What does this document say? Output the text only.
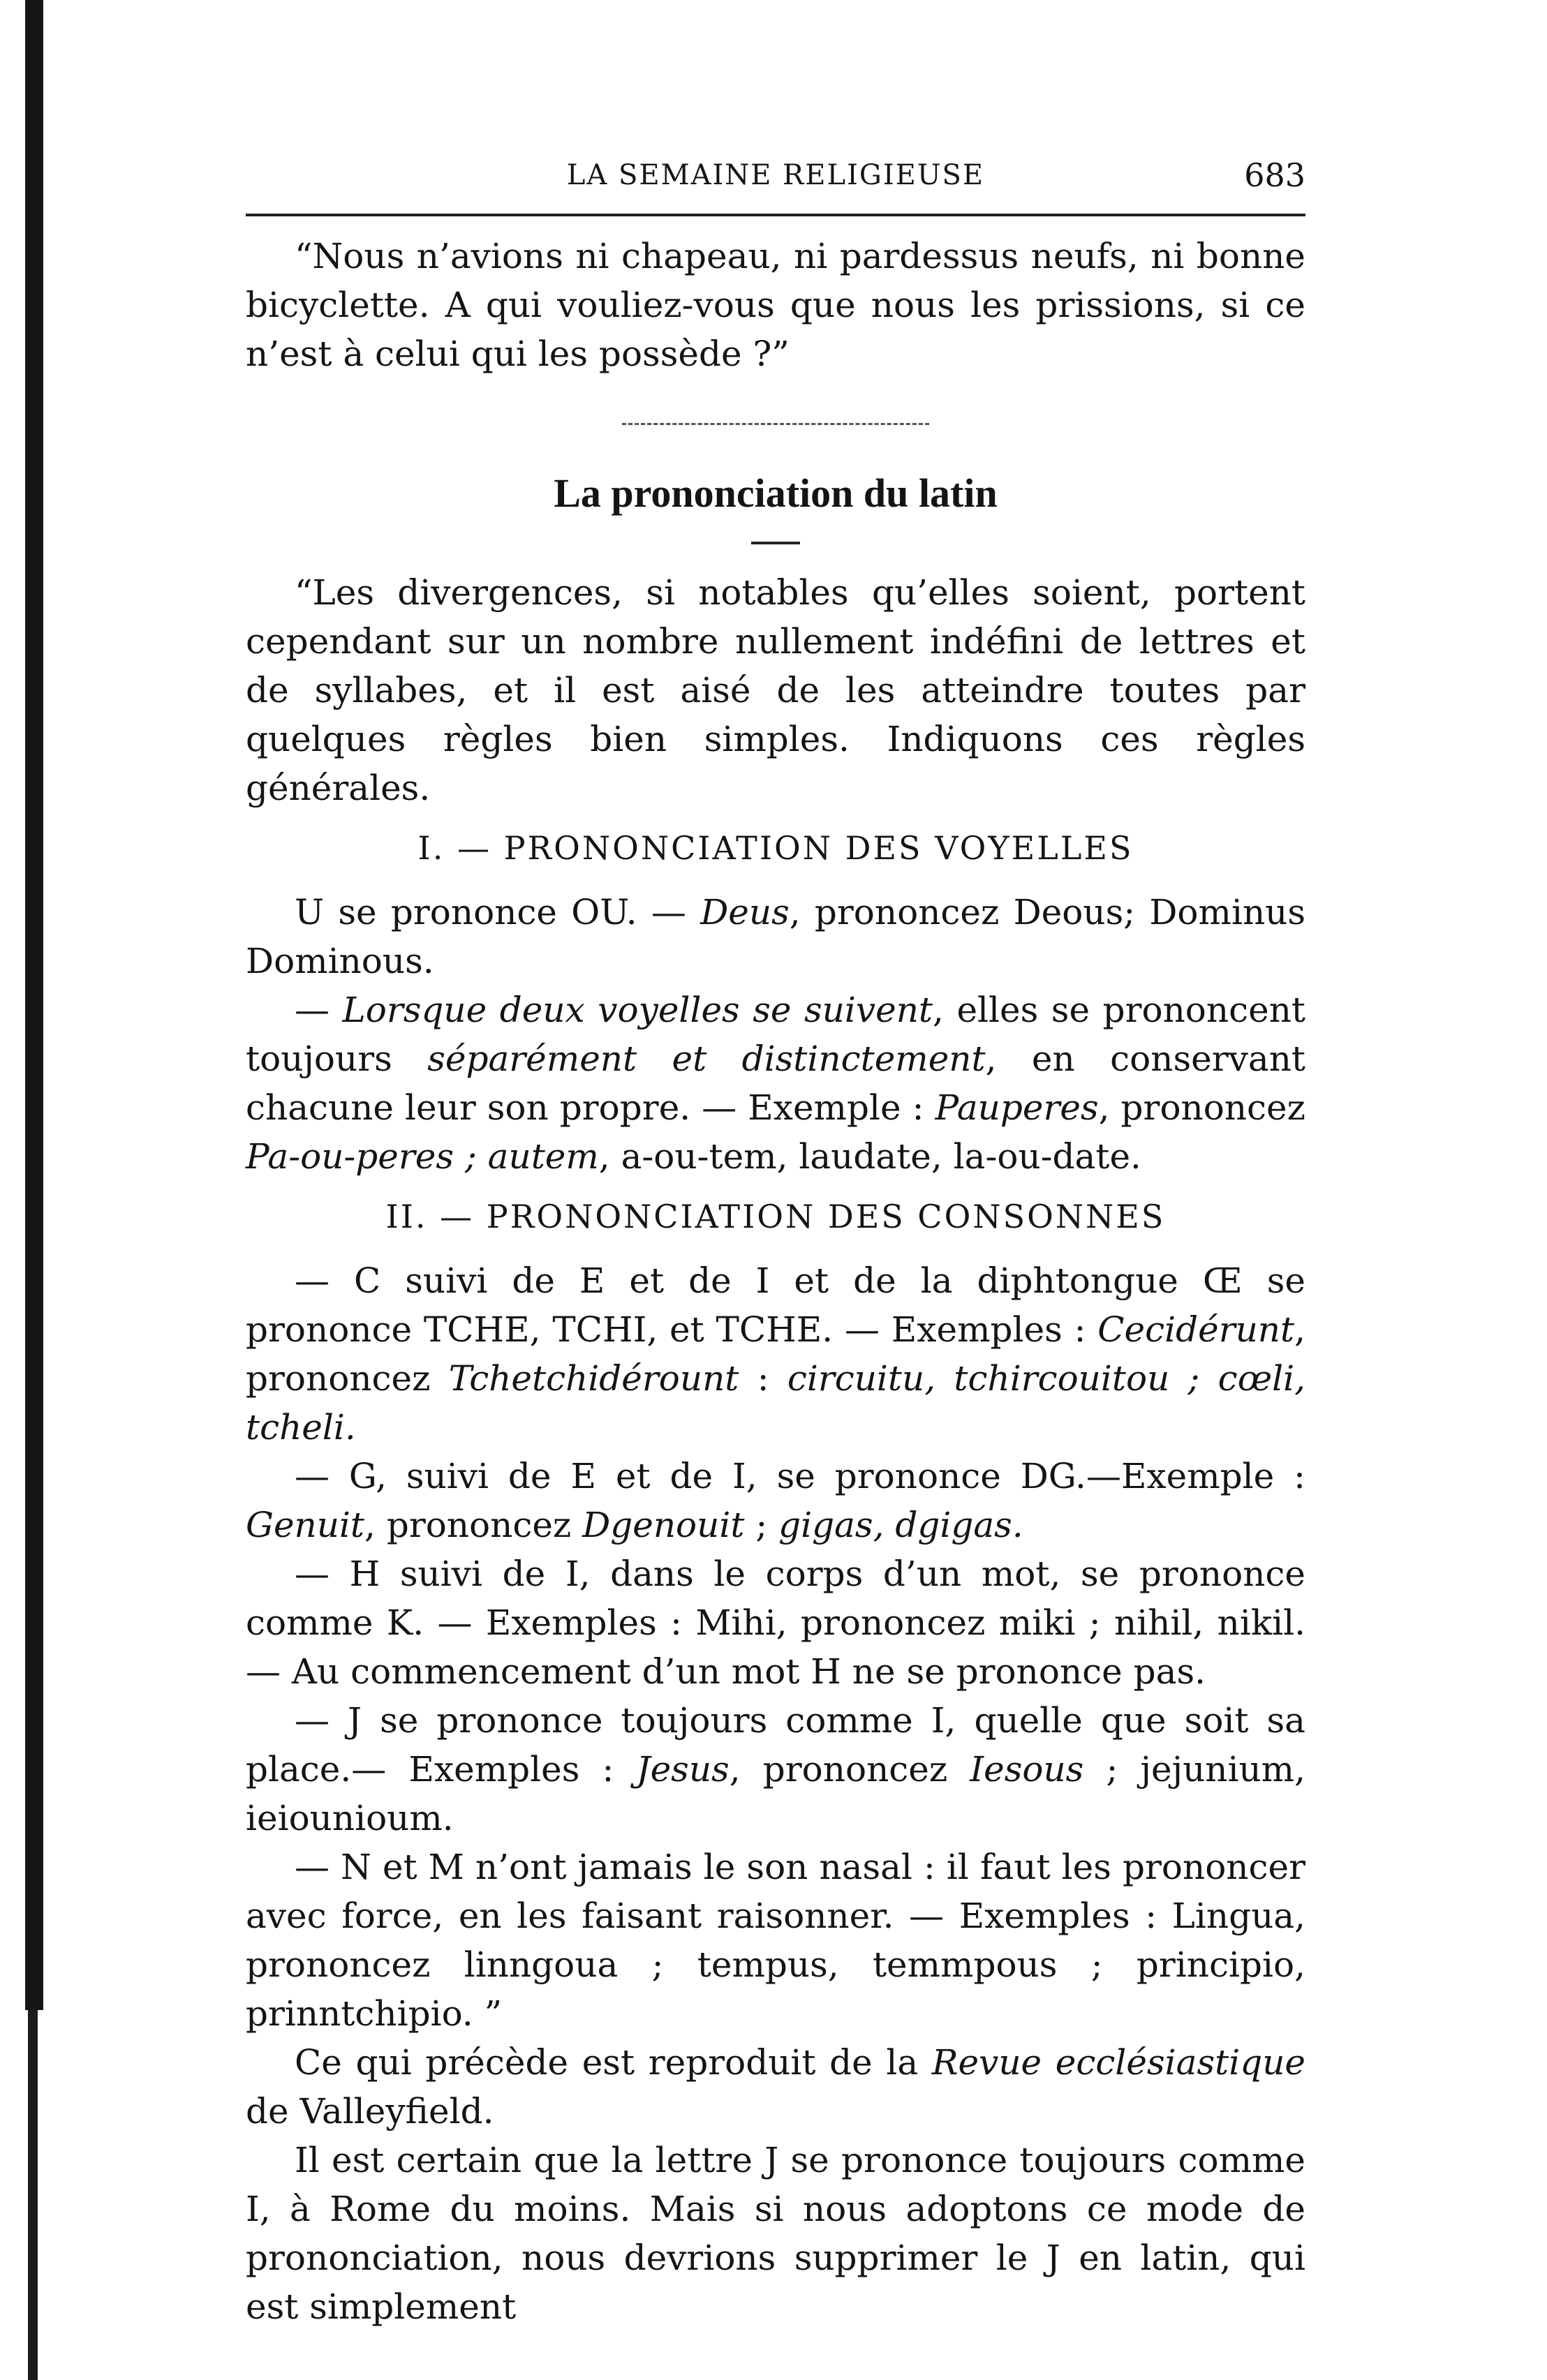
LA SEMAINE RELIGIEUSE	683

“Nous n’avions ni chapeau, ni pardessus neufs, ni bonne bicyclette. A qui vouliez-vous que nous les prissions, si ce n’est à celui qui les possède ?”

La prononciation du latin

“Les divergences, si notables qu’elles soient, portent cependant sur un nombre nullement indéfini de lettres et de syllabes, et il est aisé de les atteindre toutes par quelques règles bien simples. Indiquons ces règles générales.

I. — PRONONCIATION DES VOYELLES

U se prononce OU. — Deus, prononcez Deous; Dominus Dominous.

— Lorsque deux voyelles se suivent, elles se prononcent toujours séparément et distinctement, en conservant chacune leur son propre. — Exemple : Pauperes, prononcez Pa-ou-peres ; autem, a-ou-tem, laudate, la-ou-date.

II. — PRONONCIATION DES CONSONNES

— C suivi de E et de I et de la diphtongue Œ se prononce TCHE, TCHI, et TCHE. — Exemples : Cecidérunt, prononcez Tchetchidérount : circuitu, tchircouitou ; cœli, tcheli.

— G, suivi de E et de I, se prononce DG.—Exemple : Genuit, prononcez Dgenouit ; gigas, dgigas.

— H suivi de I, dans le corps d’un mot, se prononce comme K. — Exemples : Mihi, prononcez miki ; nihil, nikil. — Au commencement d’un mot H ne se prononce pas.

— J se prononce toujours comme I, quelle que soit sa place.— Exemples : Jesus, prononcez Iesous ; jejunium, ieiounioum.

— N et M n’ont jamais le son nasal : il faut les prononcer avec force, en les faisant raisonner. — Exemples : Lingua, prononcez linngoua ; tempus, temmpous ; principio, prinntchipio. ”

Ce qui précède est reproduit de la Revue ecclésiastique de Valleyfield.

Il est certain que la lettre J se prononce toujours comme I, à Rome du moins. Mais si nous adoptons ce mode de prononciation, nous devrions supprimer le J en latin, qui est simplement
